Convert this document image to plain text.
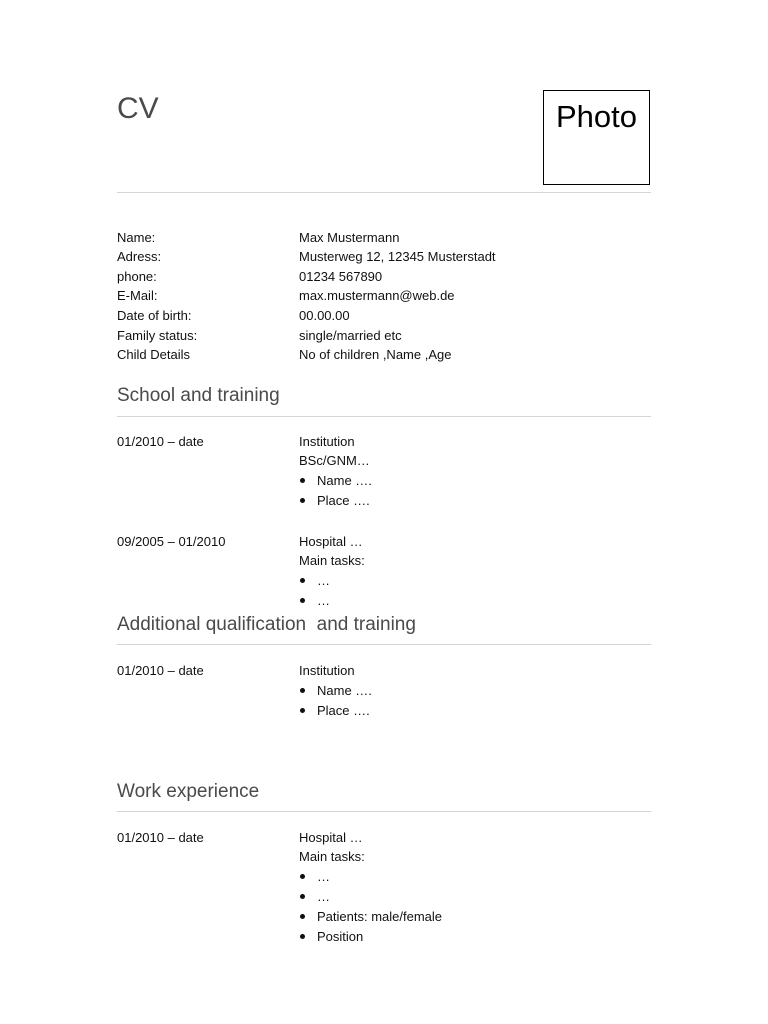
CV	Photo
Name:	Max Mustermann
Adress:	Musterweg 12, 12345 Musterstadt
phone:	01234 567890
E-Mail:	max.mustermann@web.de
Date of birth:	00.00.00
Family status:	single/married etc
Child Details	No of children ,Name ,Age
School and training
01/2010 – date	Institution
BSc/GNM…
Name ….
Place ….
09/2005 – 01/2010	Hospital …
Main tasks:
…
…
Additional qualification  and training
01/2010 – date	Institution
Name ….
Place ….
Work experience
01/2010 – date	Hospital …
Main tasks:
…
…
Patients: male/female
Position
